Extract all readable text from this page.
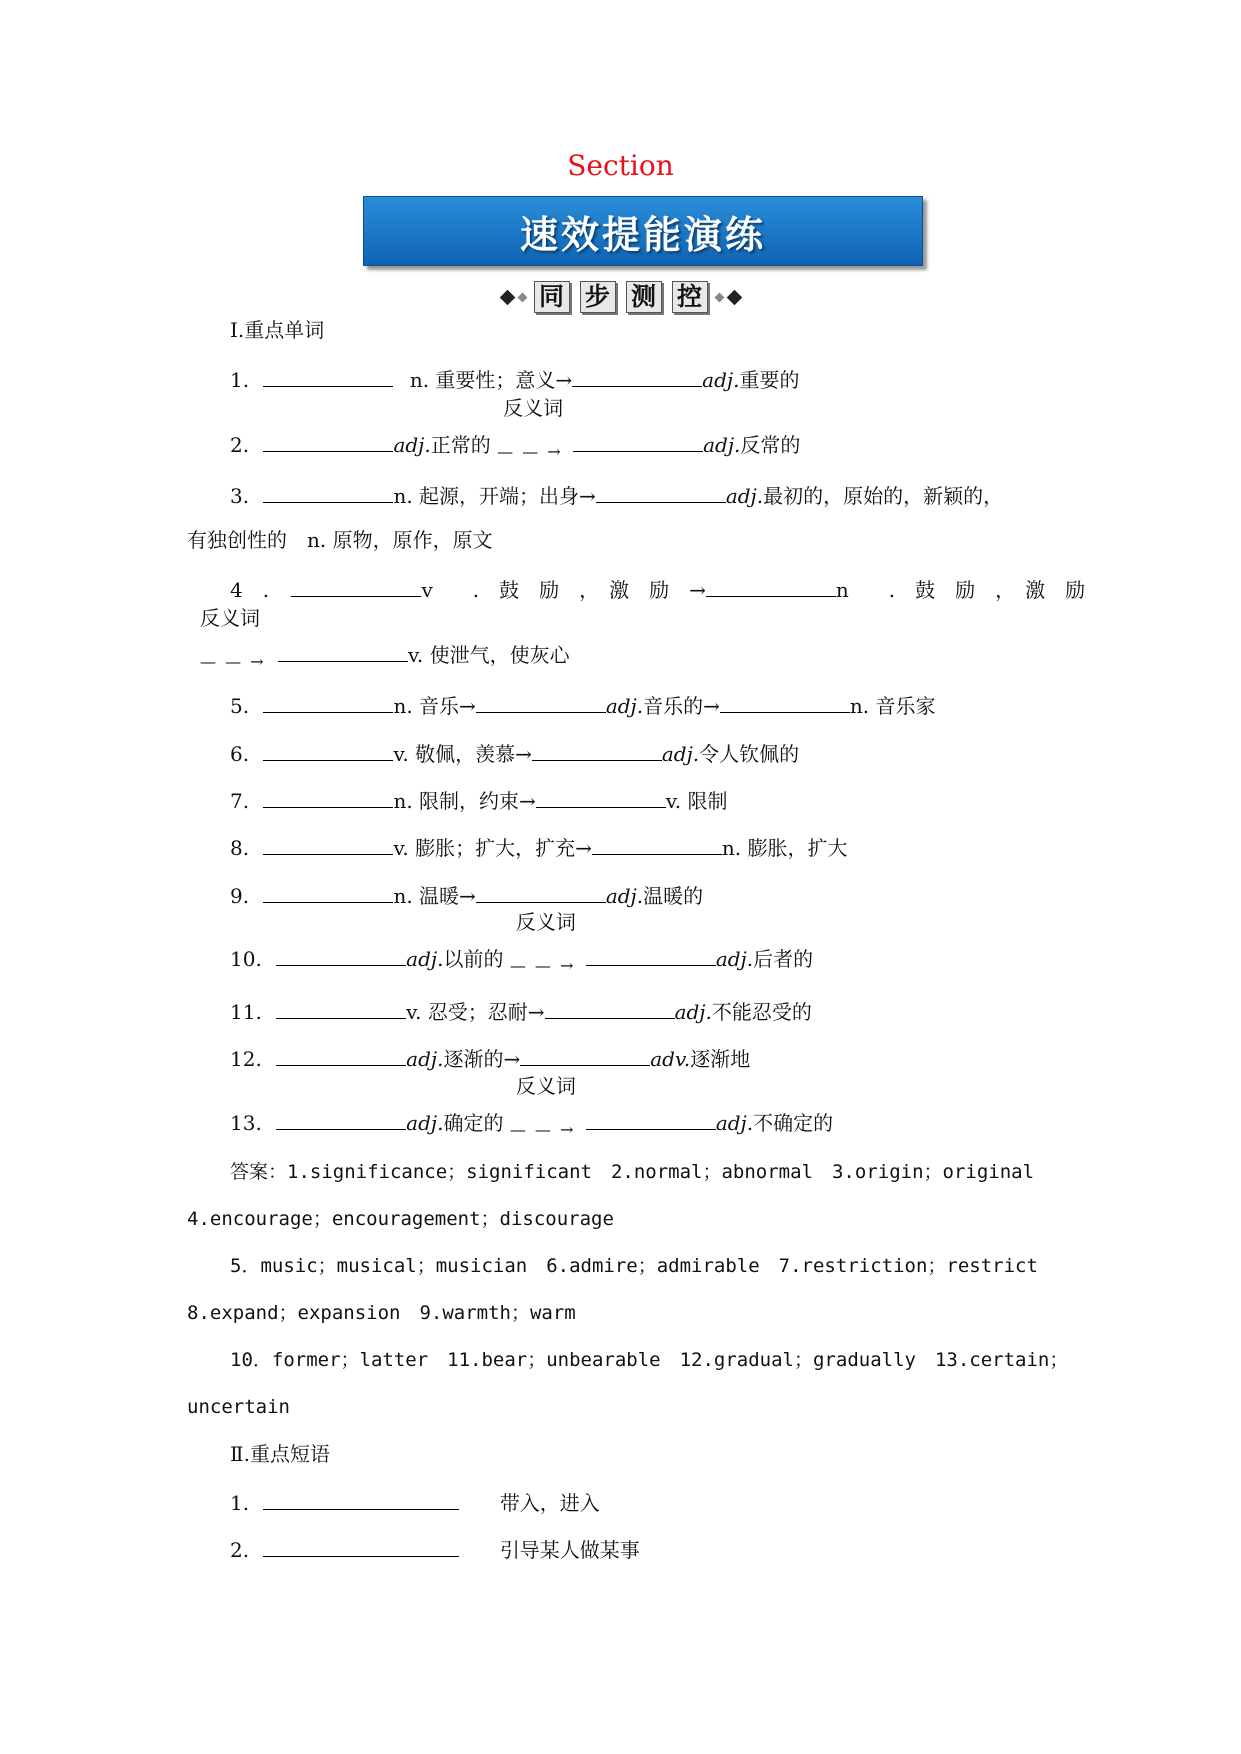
Section
速效提能演练
同 步 测 控
Ⅰ.重点单词
1.	n. 重要性；意义→	adj.重要的
2.	adj.正常的
反义词
— — →	adj.反常的
3.	n. 起源，开端；出身→	adj.最初的，原始的，新颖的，
有独创性的　n. 原物，原作，原文
4　.	v　　.　鼓　励　，　激　励　→	n　　.　鼓　励　，　激　励
反义词
— — →	v. 使泄气，使灰心
5.	n. 音乐→	adj.音乐的→	n. 音乐家
6.	v. 敬佩，羡慕→	adj.令人钦佩的
7.	n. 限制，约束→	v. 限制
8.	v. 膨胀；扩大，扩充→	n. 膨胀，扩大
9.	n. 温暖→	adj.温暖的
10.	adj.以前的
反义词
— — →	adj.后者的
11.	v. 忍受；忍耐→	adj.不能忍受的
12.	adj.逐渐的→	adv.逐渐地
13.	adj.确定的
反义词
— — →	adj.不确定的
答案：1.significance；significant　2.normal；abnormal　3.origin；original
4.encourage；encouragement；discourage
5．music；musical；musician　6.admire；admirable　7.restriction；restrict
8.expand；expansion　9.warmth；warm
10．former；latter　11.bear；unbearable　12.gradual；gradually　13.certain；
uncertain
Ⅱ.重点短语
1.	带入，进入
2.	引导某人做某事
